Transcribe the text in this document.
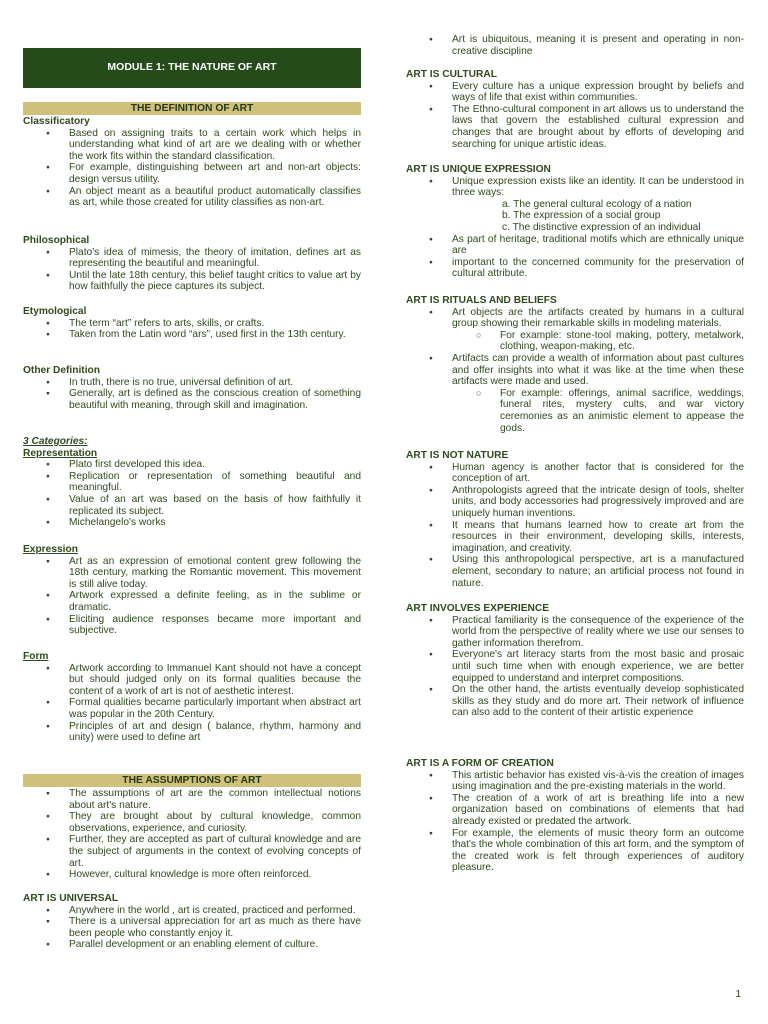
MODULE 1: THE NATURE OF ART
THE DEFINITION OF ART
Classificatory
● Based on assigning traits to a certain work which helps in understanding what kind of art are we dealing with or whether the work fits within the standard classification.
● For example, distinguishing between art and non-art objects: design versus utility.
● An object meant as a beautiful product automatically classifies as art, while those created for utility classifies as non-art.
Philosophical
● Plato's idea of mimesis, the theory of imitation, defines art as representing the beautiful and meaningful.
● Until the late 18th century, this belief taught critics to value art by how faithfully the piece captures its subject.
Etymological
● The term “art” refers to arts, skills, or crafts.
● Taken from the Latin word “ars”, used first in the 13th century.
Other Definition
● In truth, there is no true, universal definition of art.
● Generally, art is defined as the conscious creation of something beautiful with meaning, through skill and imagination.
3 Categories:
Representation
● Plato first developed this idea.
● Replication or representation of something beautiful and meaningful.
● Value of an art was based on the basis of how faithfully it replicated its subject.
● Michelangelo's works
Expression
● Art as an expression of emotional content grew following the 18th century, marking the Romantic movement. This movement is still alive today.
● Artwork expressed a definite feeling, as in the sublime or dramatic.
● Eliciting audience responses became more important and subjective.
Form
● Artwork according to Immanuel Kant should not have a concept but should judged only on its formal qualities because the content of a work of art is not of aesthetic interest.
● Formal qualities became particularly important when abstract art was popular in the 20th Century.
● Principles of art and design ( balance, rhythm, harmony and unity) were used to define art
THE ASSUMPTIONS OF ART
● The assumptions of art are the common intellectual notions about art's nature.
● They are brought about by cultural knowledge, common observations, experience, and curiosity.
● Further, they are accepted as part of cultural knowledge and are the subject of arguments in the context of evolving concepts of art.
● However, cultural knowledge is more often reinforced.
ART IS UNIVERSAL
● Anywhere in the world , art is created, practiced and performed.
● There is a universal appreciation for art as much as there have been people who constantly enjoy it.
● Parallel development or an enabling element of culture.
● Art is ubiquitous, meaning it is present and operating in non-creative discipline
ART IS CULTURAL
● Every culture has a unique expression brought by beliefs and ways of life that exist within communities.
● The Ethno-cultural component in art allows us to understand the laws that govern the established cultural expression and changes that are brought about by efforts of developing and searching for unique artistic ideas.
ART IS UNIQUE EXPRESSION
● Unique expression exists like an identity. It can be understood in three ways:
a. The general cultural ecology of a nation
b. The expression of a social group
c. The distinctive expression of an individual
● As part of heritage, traditional motifs which are ethnically unique are
● important to the concerned community for the preservation of cultural attribute.
ART IS RITUALS AND BELIEFS
● Art objects are the artifacts created by humans in a cultural group showing their remarkable skills in modeling materials.
○ For example: stone-tool making, pottery, metalwork, clothing, weapon-making, etc.
● Artifacts can provide a wealth of information about past cultures and offer insights into what it was like at the time when these artifacts were made and used.
○ For example: offerings, animal sacrifice, weddings, funeral rites, mystery cults, and war victory ceremonies as an animistic element to appease the gods.
ART IS NOT NATURE
● Human agency is another factor that is considered for the conception of art.
● Anthropologists agreed that the intricate design of tools, shelter units, and body accessories had progressively improved and are uniquely human inventions.
● It means that humans learned how to create art from the resources in their environment, developing skills, interests, imagination, and creativity.
● Using this anthropological perspective, art is a manufactured element, secondary to nature; an artificial process not found in nature.
ART INVOLVES EXPERIENCE
● Practical familiarity is the consequence of the experience of the world from the perspective of reality where we use our senses to gather information therefrom.
● Everyone's art literacy starts from the most basic and prosaic until such time when with enough experience, we are better equipped to understand and interpret compositions.
● On the other hand, the artists eventually develop sophisticated skills as they study and do more art. Their network of influence can also add to the content of their artistic experience
ART IS A FORM OF CREATION
● This artistic behavior has existed vis-à-vis the creation of images using imagination and the pre-existing materials in the world.
● The creation of a work of art is breathing life into a new organization based on combinations of elements that had already existed or predated the artwork.
● For example, the elements of music theory form an outcome that's the whole combination of this art form, and the symptom of the created work is felt through experiences of auditory pleasure.
1
